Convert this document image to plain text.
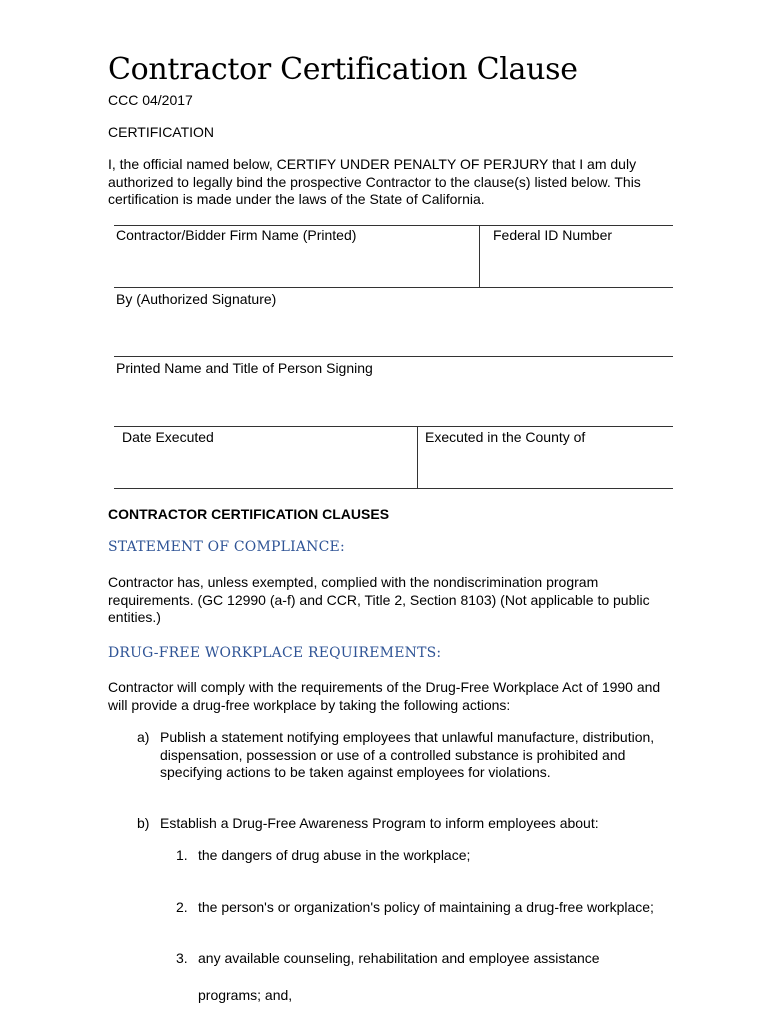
Contractor Certification Clause
CCC 04/2017
CERTIFICATION
I, the official named below, CERTIFY UNDER PENALTY OF PERJURY that I am duly authorized to legally bind the prospective Contractor to the clause(s) listed below. This certification is made under the laws of the State of California.
Contractor/Bidder Firm Name (Printed)	Federal ID Number
By (Authorized Signature)
Printed Name and Title of Person Signing
Date Executed	Executed in the County of
CONTRACTOR CERTIFICATION CLAUSES
STATEMENT OF COMPLIANCE:
Contractor has, unless exempted, complied with the nondiscrimination program requirements. (GC 12990 (a-f) and CCR, Title 2, Section 8103) (Not applicable to public entities.)
DRUG-FREE WORKPLACE REQUIREMENTS:
Contractor will comply with the requirements of the Drug-Free Workplace Act of 1990 and will provide a drug-free workplace by taking the following actions:
a) Publish a statement notifying employees that unlawful manufacture, distribution, dispensation, possession or use of a controlled substance is prohibited and specifying actions to be taken against employees for violations.
b) Establish a Drug-Free Awareness Program to inform employees about:
1. the dangers of drug abuse in the workplace;
2. the person's or organization's policy of maintaining a drug-free workplace;
3. any available counseling, rehabilitation and employee assistance
programs; and,
